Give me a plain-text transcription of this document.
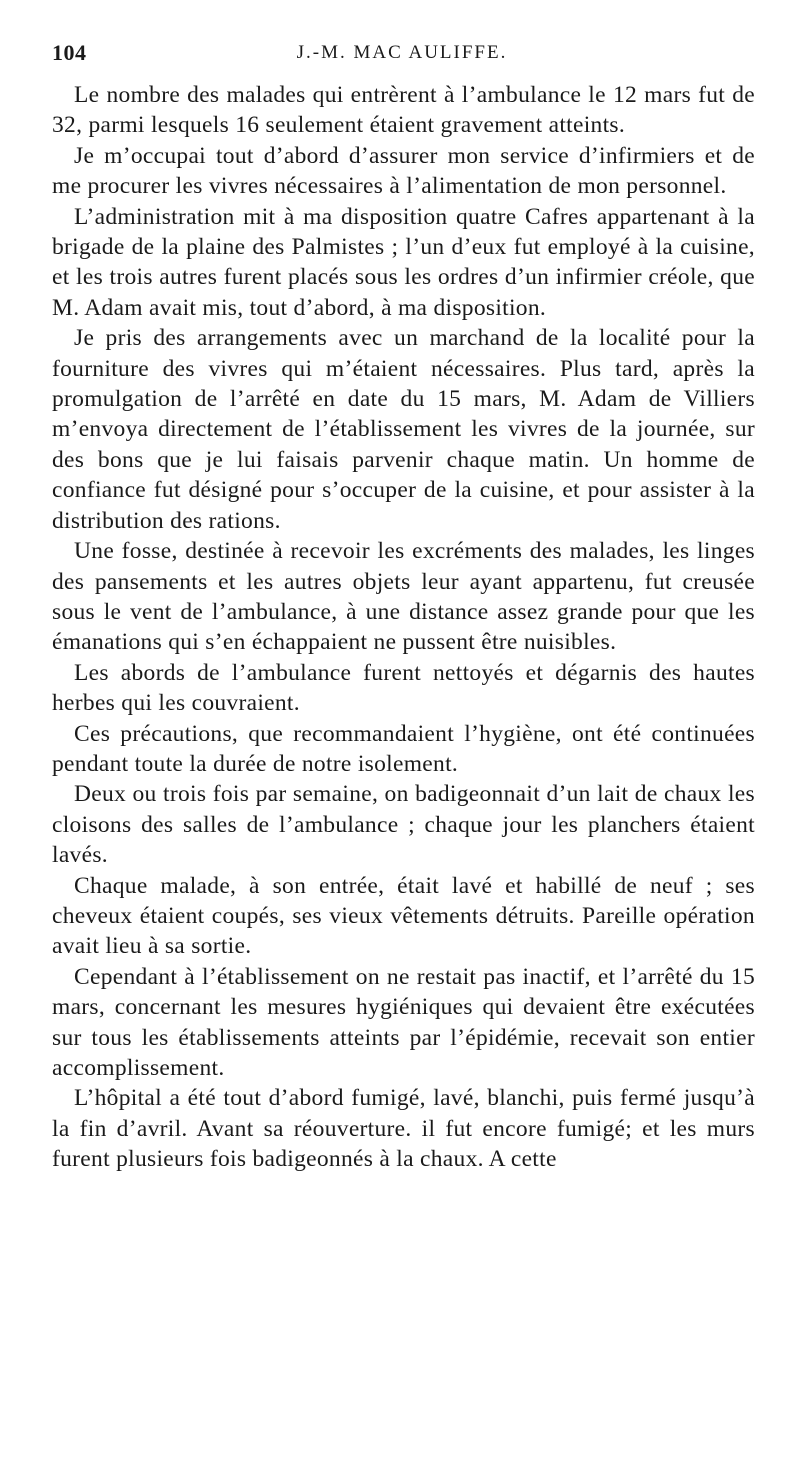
104	J.-M. MAC AULIFFE.

Le nombre des malades qui entrèrent à l’ambulance le 12 mars fut de 32, parmi lesquels 16 seulement étaient gravement atteints.

Je m’occupai tout d’abord d’assurer mon service d’infirmiers et de me procurer les vivres nécessaires à l’alimentation de mon personnel.

L’administration mit à ma disposition quatre Cafres appartenant à la brigade de la plaine des Palmistes ; l’un d’eux fut employé à la cuisine, et les trois autres furent placés sous les ordres d’un infirmier créole, que M. Adam avait mis, tout d’abord, à ma disposition.

Je pris des arrangements avec un marchand de la localité pour la fourniture des vivres qui m’étaient nécessaires. Plus tard, après la promulgation de l’arrêté en date du 15 mars, M. Adam de Villiers m’envoya directement de l’établissement les vivres de la journée, sur des bons que je lui faisais parvenir chaque matin. Un homme de confiance fut désigné pour s’occuper de la cuisine, et pour assister à la distribution des rations.

Une fosse, destinée à recevoir les excréments des malades, les linges des pansements et les autres objets leur ayant appartenu, fut creusée sous le vent de l’ambulance, à une distance assez grande pour que les émanations qui s’en échappaient ne pussent être nuisibles.

Les abords de l’ambulance furent nettoyés et dégarnis des hautes herbes qui les couvraient.

Ces précautions, que recommandaient l’hygiène, ont été continuées pendant toute la durée de notre isolement.

Deux ou trois fois par semaine, on badigeonnait d’un lait de chaux les cloisons des salles de l’ambulance ; chaque jour les planchers étaient lavés.

Chaque malade, à son entrée, était lavé et habillé de neuf ; ses cheveux étaient coupés, ses vieux vêtements détruits. Pareille opération avait lieu à sa sortie.

Cependant à l’établissement on ne restait pas inactif, et l’arrêté du 15 mars, concernant les mesures hygiéniques qui devaient être exécutées sur tous les établissements atteints par l’épidémie, recevait son entier accomplissement.

L’hôpital a été tout d’abord fumigé, lavé, blanchi, puis fermé jusqu’à la fin d’avril. Avant sa réouverture. il fut encore fumigé; et les murs furent plusieurs fois badigeonnés à la chaux. A cette
